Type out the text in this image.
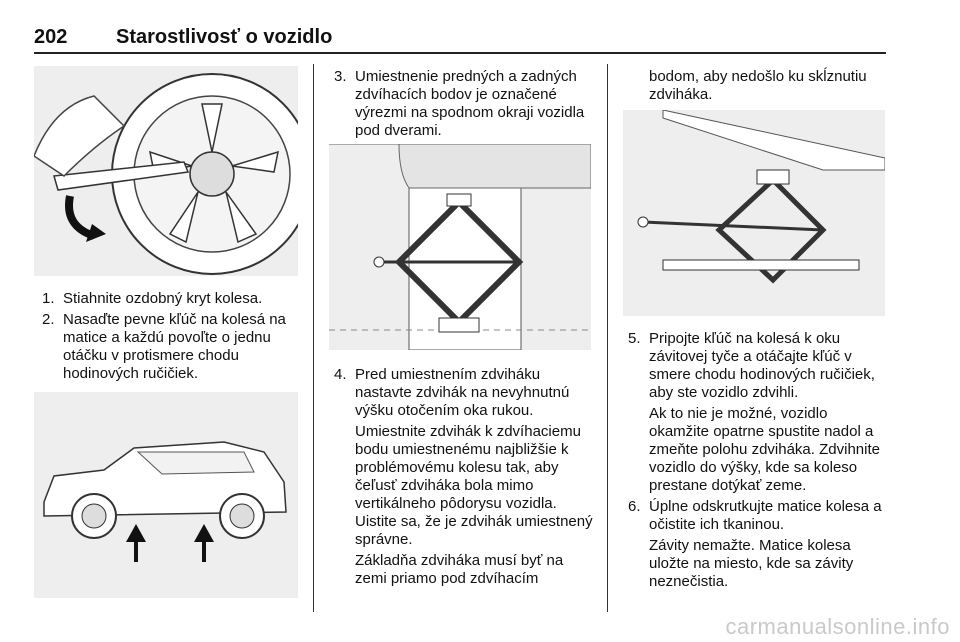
202 Starostlivosť o vozidlo
1. Stiahnite ozdobný kryt kolesa.
2. Nasaďte pevne kľúč na kolesá na matice a každú povoľte o jednu otáčku v protismere chodu hodinových ručičiek.
3. Umiestnenie predných a zadných zdvíhacích bodov je označené výrezmi na spodnom okraji vozidla pod dverami.
4. Pred umiestnením zdviháku nastavte zdvihák na nevyhnutnú výšku otočením oka rukou.
Umiestnite zdvihák k zdvíhaciemu bodu umiestnenému najbližšie k problémovému kolesu tak, aby čeľusť zdviháka bola mimo vertikálneho pôdorysu vozidla. Uistite sa, že je zdvihák umiestnený správne.
Základňa zdviháka musí byť na zemi priamo pod zdvíhacím
bodom, aby nedošlo ku skĺznutiu zdviháka.
5. Pripojte kľúč na kolesá k oku závitovej tyče a otáčajte kľúč v smere chodu hodinových ručičiek, aby ste vozidlo zdvihli.
Ak to nie je možné, vozidlo okamžite opatrne spustite nadol a zmeňte polohu zdviháka. Zdvihnite vozidlo do výšky, kde sa koleso prestane dotýkať zeme.
6. Úplne odskrutkujte matice kolesa a očistite ich tkaninou.
Závity nemažte. Matice kolesa uložte na miesto, kde sa závity neznečistia.
carmanualsonline.info
